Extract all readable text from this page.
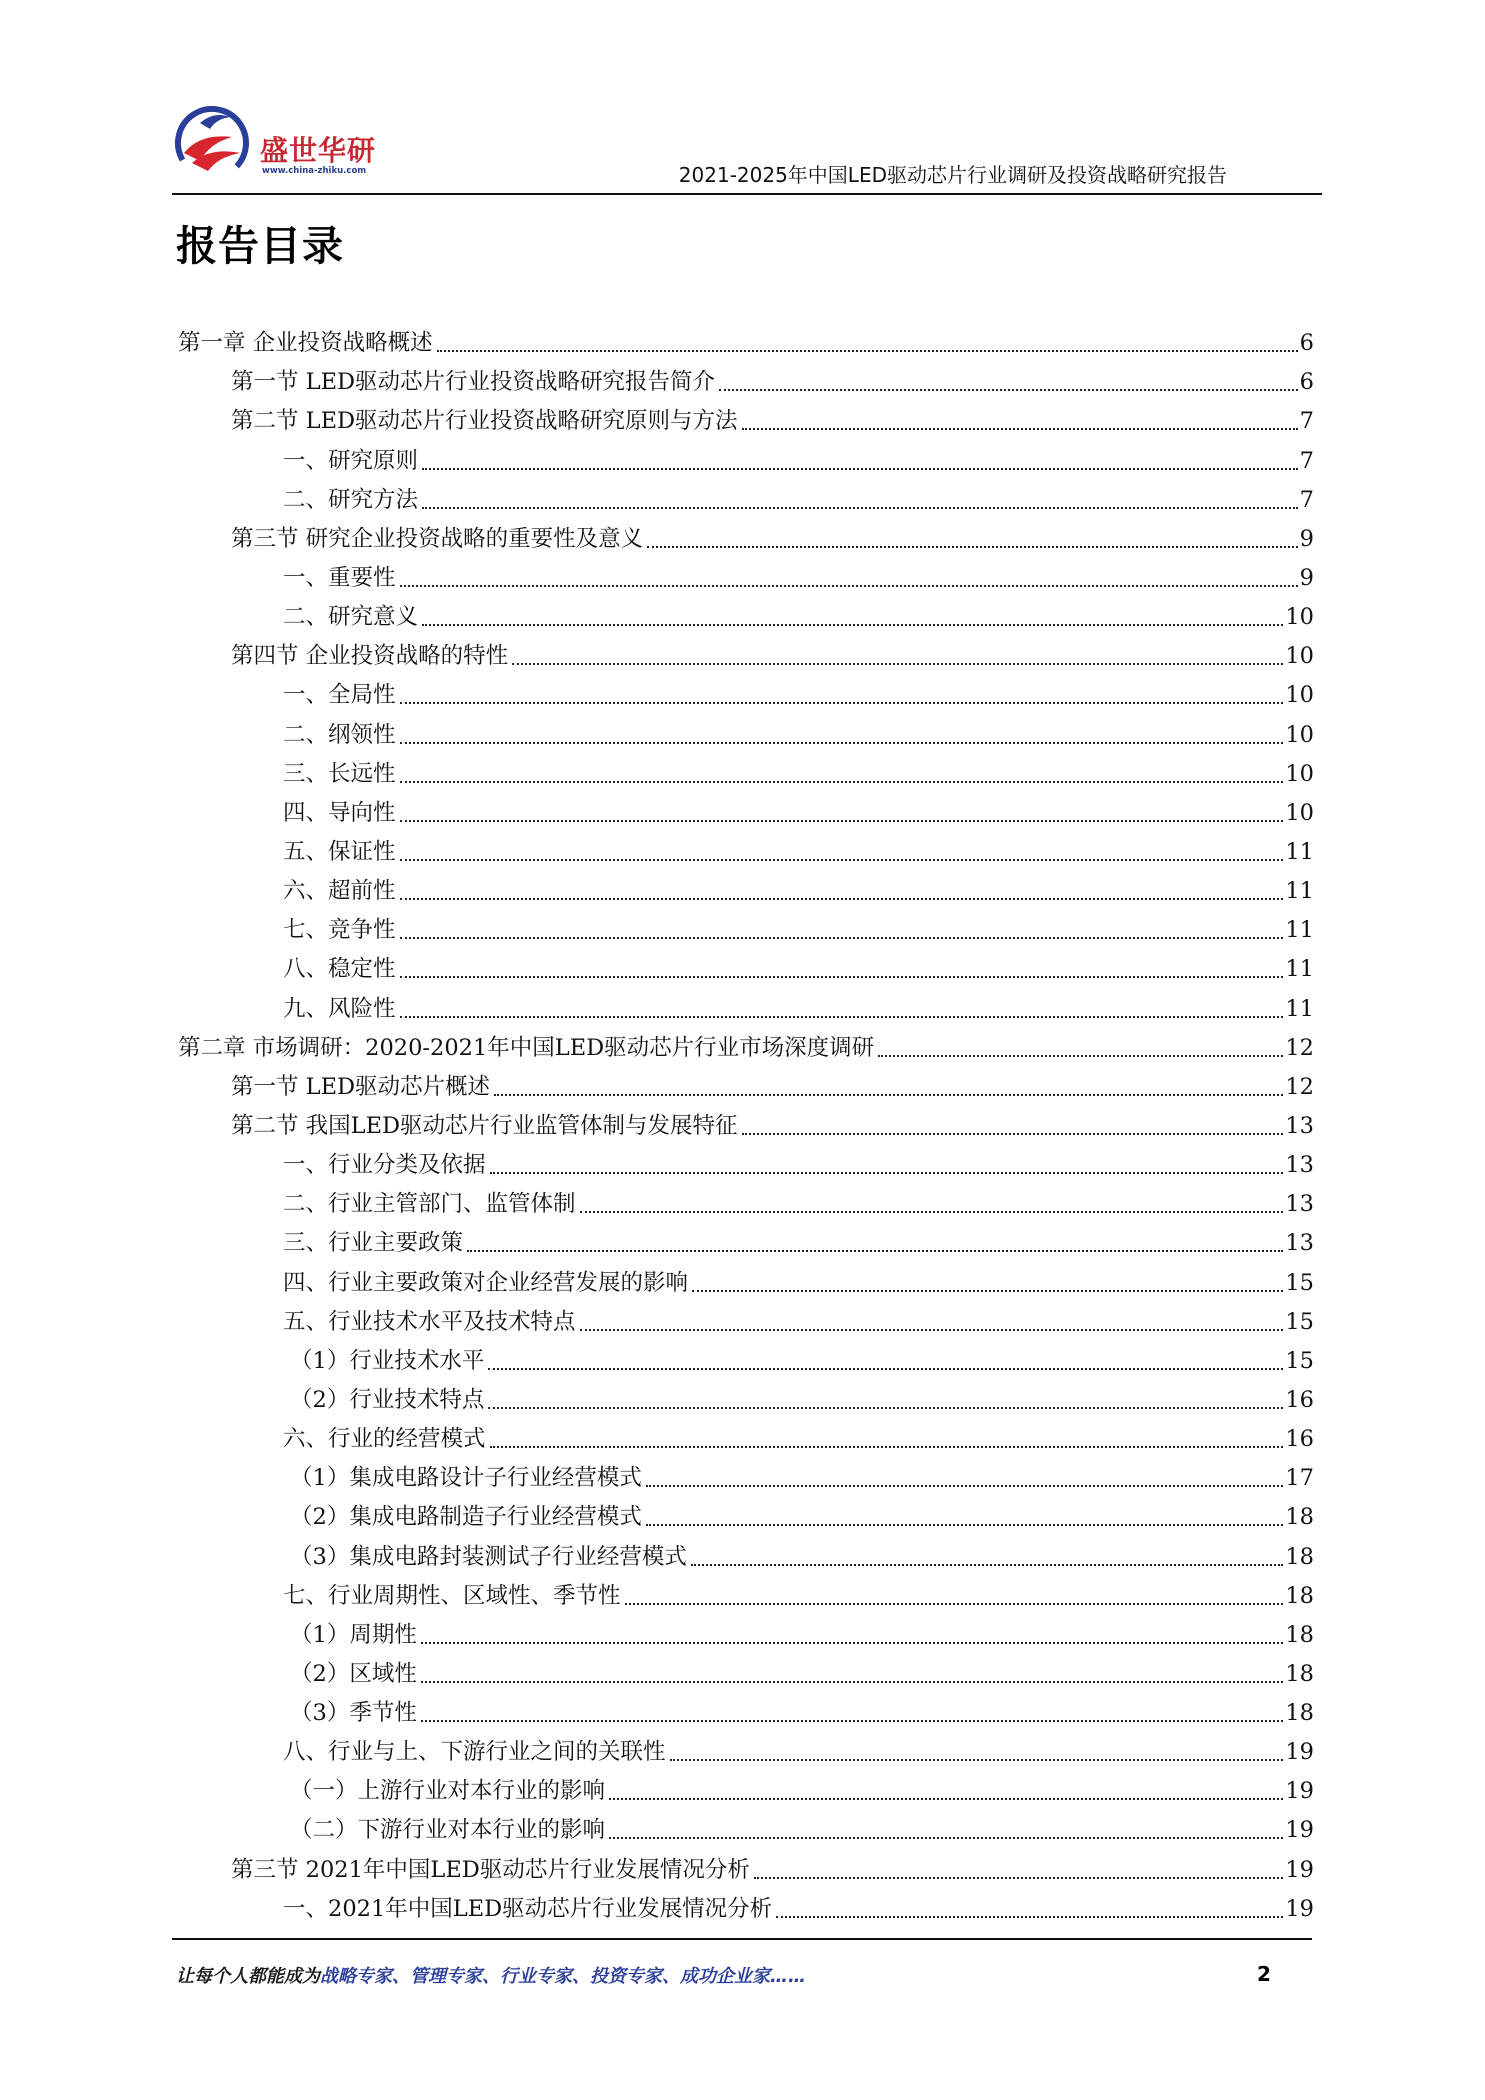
盛世华研
www.china-zhiku.com	2021-2025年中国LED驱动芯片行业调研及投资战略研究报告
报告目录
第一章 企业投资战略概述	6
第一节 LED驱动芯片行业投资战略研究报告简介	6
第二节 LED驱动芯片行业投资战略研究原则与方法	7
一、研究原则	7
二、研究方法	7
第三节 研究企业投资战略的重要性及意义	9
一、重要性	9
二、研究意义	10
第四节 企业投资战略的特性	10
一、全局性	10
二、纲领性	10
三、长远性	10
四、导向性	10
五、保证性	11
六、超前性	11
七、竞争性	11
八、稳定性	11
九、风险性	11
第二章 市场调研：2020-2021年中国LED驱动芯片行业市场深度调研	12
第一节 LED驱动芯片概述	12
第二节 我国LED驱动芯片行业监管体制与发展特征	13
一、行业分类及依据	13
二、行业主管部门、监管体制	13
三、行业主要政策	13
四、行业主要政策对企业经营发展的影响	15
五、行业技术水平及技术特点	15
（1）行业技术水平	15
（2）行业技术特点	16
六、行业的经营模式	16
（1）集成电路设计子行业经营模式	17
（2）集成电路制造子行业经营模式	18
（3）集成电路封装测试子行业经营模式	18
七、行业周期性、区域性、季节性	18
（1）周期性	18
（2）区域性	18
（3）季节性	18
八、行业与上、下游行业之间的关联性	19
（一）上游行业对本行业的影响	19
（二）下游行业对本行业的影响	19
第三节 2021年中国LED驱动芯片行业发展情况分析	19
一、2021年中国LED驱动芯片行业发展情况分析	19
让每个人都能成为战略专家、管理专家、行业专家、投资专家、成功企业家……	2
